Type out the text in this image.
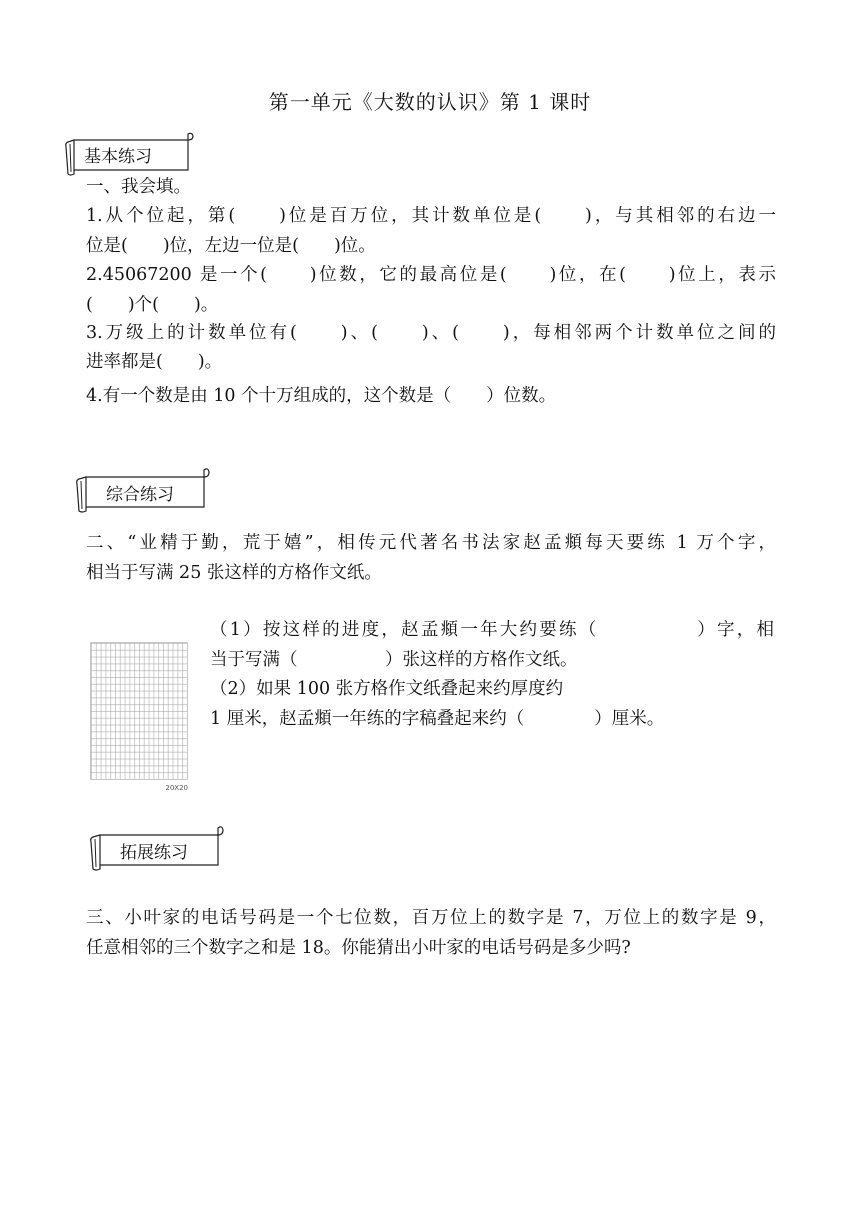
第一单元《大数的认识》第 1 课时
基本练习
一、我会填。
1.从个位起，第(　　)位是百万位，其计数单位是(　　)，与其相邻的右边一
位是(　　)位，左边一位是(　　)位。
2.45067200 是一个(　　)位数，它的最高位是(　　)位，在(　　)位上，表示
(　　)个(　　)。
3.万级上的计数单位有(　　)、(　　)、(　　)，每相邻两个计数单位之间的
进率都是(　　)。
4.有一个数是由 10 个十万组成的，这个数是（　　）位数。
综合练习
二、“业精于勤，荒于嬉”，相传元代著名书法家赵孟頫每天要练 1 万个字，
相当于写满 25 张这样的方格作文纸。
20X20
（1）按这样的进度，赵孟頫一年大约要练（　　　　　）字，相
当于写满（　　　　　）张这样的方格作文纸。
（2）如果 100 张方格作文纸叠起来约厚度约
1 厘米，赵孟頫一年练的字稿叠起来约（　　　　）厘米。
拓展练习
三、小叶家的电话号码是一个七位数，百万位上的数字是 7，万位上的数字是 9，
任意相邻的三个数字之和是 18。你能猜出小叶家的电话号码是多少吗?
